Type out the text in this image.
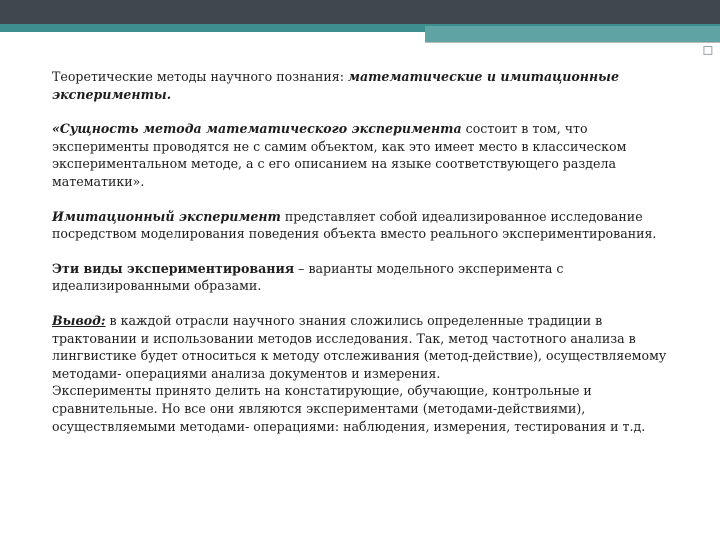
▫

Теоретические методы научного познания: математические и имитационные эксперименты.

«Сущность метода математического эксперимента состоит в том, что эксперименты проводятся не с самим объектом, как это имеет место в классическом экспериментальном методе, а с его описанием на языке соответствующего раздела математики».

Имитационный эксперимент представляет собой идеализированное исследование посредством моделирования поведения объекта вместо реального экспериментирования.

Эти виды экспериментирования – варианты модельного эксперимента с идеализированными образами.

Вывод: в каждой отрасли научного знания сложились определенные традиции в трактовании и использовании методов исследования. Так, метод частотного анализа в лингвистике будет относиться к методу отслеживания (метод-действие), осуществляемому методами- операциями анализа документов и измерения.

Эксперименты принято делить на констатирующие, обучающие, контрольные и сравнительные. Но все они являются экспериментами (методами-действиями), осуществляемыми методами- операциями: наблюдения, измерения, тестирования и т.д.
